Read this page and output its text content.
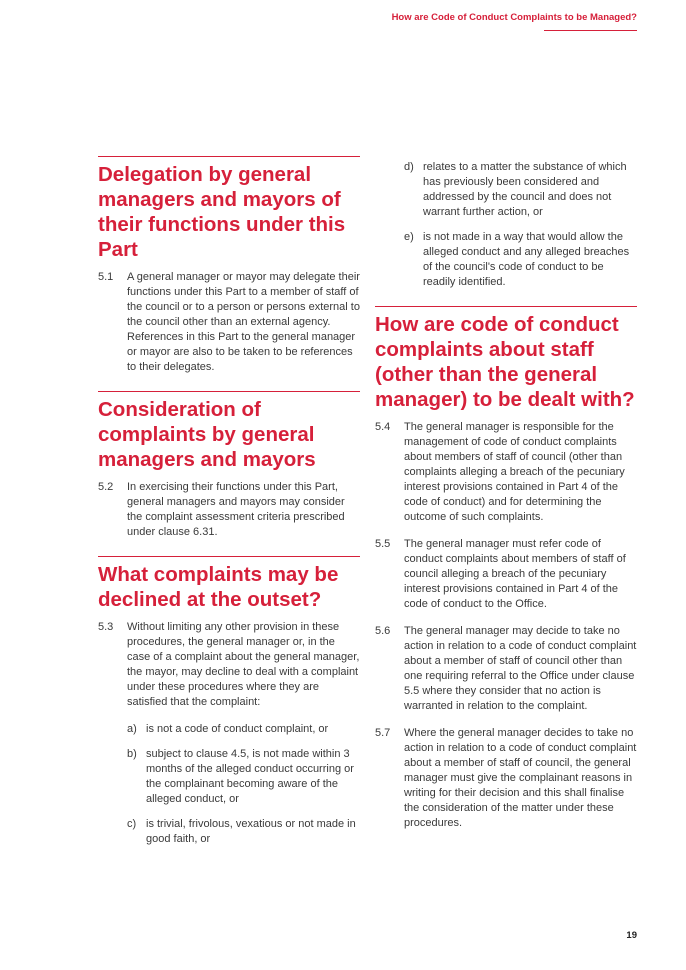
How are Code of Conduct Complaints to be Managed?
Delegation by general managers and mayors of their functions under this Part
5.1 A general manager or mayor may delegate their functions under this Part to a member of staff of the council or to a person or persons external to the council other than an external agency. References in this Part to the general manager or mayor are also to be taken to be references to their delegates.
Consideration of complaints by general managers and mayors
5.2 In exercising their functions under this Part, general managers and mayors may consider the complaint assessment criteria prescribed under clause 6.31.
What complaints may be declined at the outset?
5.3 Without limiting any other provision in these procedures, the general manager or, in the case of a complaint about the general manager, the mayor, may decline to deal with a complaint under these procedures where they are satisfied that the complaint:
a) is not a code of conduct complaint, or
b) subject to clause 4.5, is not made within 3 months of the alleged conduct occurring or the complainant becoming aware of the alleged conduct, or
c) is trivial, frivolous, vexatious or not made in good faith, or
d) relates to a matter the substance of which has previously been considered and addressed by the council and does not warrant further action, or
e) is not made in a way that would allow the alleged conduct and any alleged breaches of the council's code of conduct to be readily identified.
How are code of conduct complaints about staff (other than the general manager) to be dealt with?
5.4 The general manager is responsible for the management of code of conduct complaints about members of staff of council (other than complaints alleging a breach of the pecuniary interest provisions contained in Part 4 of the code of conduct) and for determining the outcome of such complaints.
5.5 The general manager must refer code of conduct complaints about members of staff of council alleging a breach of the pecuniary interest provisions contained in Part 4 of the code of conduct to the Office.
5.6 The general manager may decide to take no action in relation to a code of conduct complaint about a member of staff of council other than one requiring referral to the Office under clause 5.5 where they consider that no action is warranted in relation to the complaint.
5.7 Where the general manager decides to take no action in relation to a code of conduct complaint about a member of staff of council, the general manager must give the complainant reasons in writing for their decision and this shall finalise the consideration of the matter under these procedures.
19
